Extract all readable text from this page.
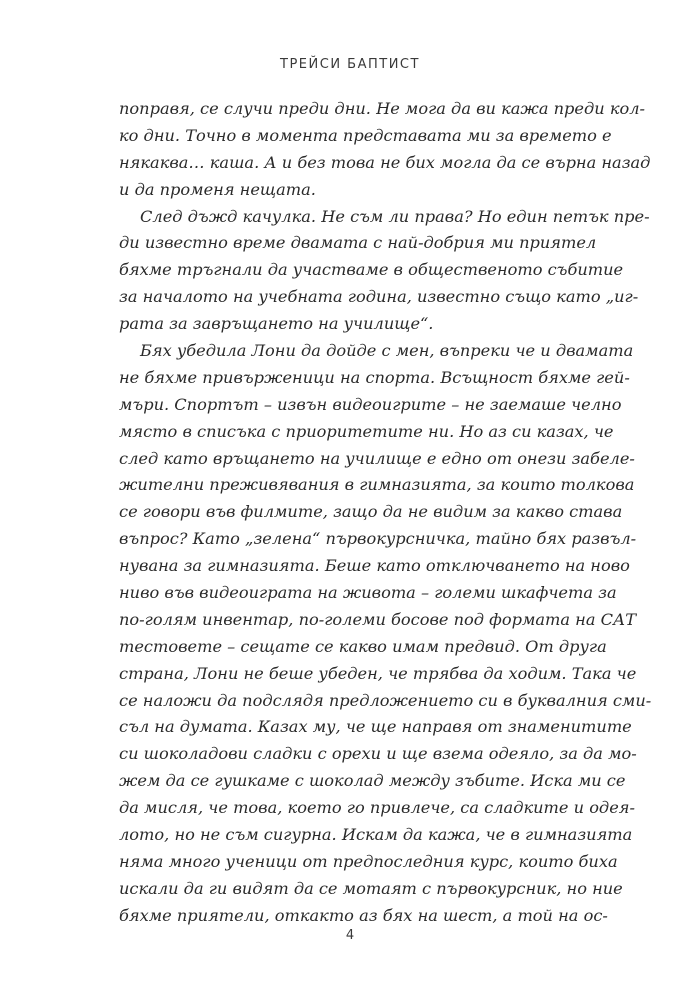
ТРЕЙСИ БАПТИСТ
поправя, се случи преди дни. Не мога да ви кажа преди кол-
ко дни. Точно в момента представата ми за времето е
някаква… каша. А и без това не бих могла да се върна назад
и да променя нещата.
След дъжд качулка. Не съм ли права? Но един петък пре-
ди известно време двамата с най-добрия ми приятел
бяхме тръгнали да участваме в общественото събитие
за началото на учебната година, известно също като „иг-
рата за завръщането на училище“.
Бях убедила Лони да дойде с мен, въпреки че и двамата
не бяхме привърженици на спорта. Всъщност бяхме гей-
мъри. Спортът – извън видеоигрите – не заемаше челно
място в списъка с приоритетите ни. Но аз си казах, че
след като връщането на училище е едно от онези забеле-
жителни преживявания в гимназията, за които толкова
се говори във филмите, защо да не видим за какво става
въпрос? Като „зелена“ първокурсничка, тайно бях развъл-
нувана за гимназията. Беше като отключването на ново
ниво във видеоиграта на живота – големи шкафчета за
по-голям инвентар, по-големи босове под формата на САТ
тестовете – сещате се какво имам предвид. От друга
страна, Лони не беше убеден, че трябва да ходим. Така че
се наложи да подслядя предложението си в буквалния сми-
съл на думата. Казах му, че ще направя от знаменитите
си шоколадови сладки с орехи и ще взема одеяло, за да мо-
жем да се гушкаме с шоколад между зъбите. Иска ми се
да мисля, че това, което го привлече, са сладките и одея-
лото, но не съм сигурна. Искам да кажа, че в гимназията
няма много ученици от предпоследния курс, които биха
искали да ги видят да се мотаят с първокурсник, но ние
бяхме приятели, откакто аз бях на шест, а той на ос-
4
